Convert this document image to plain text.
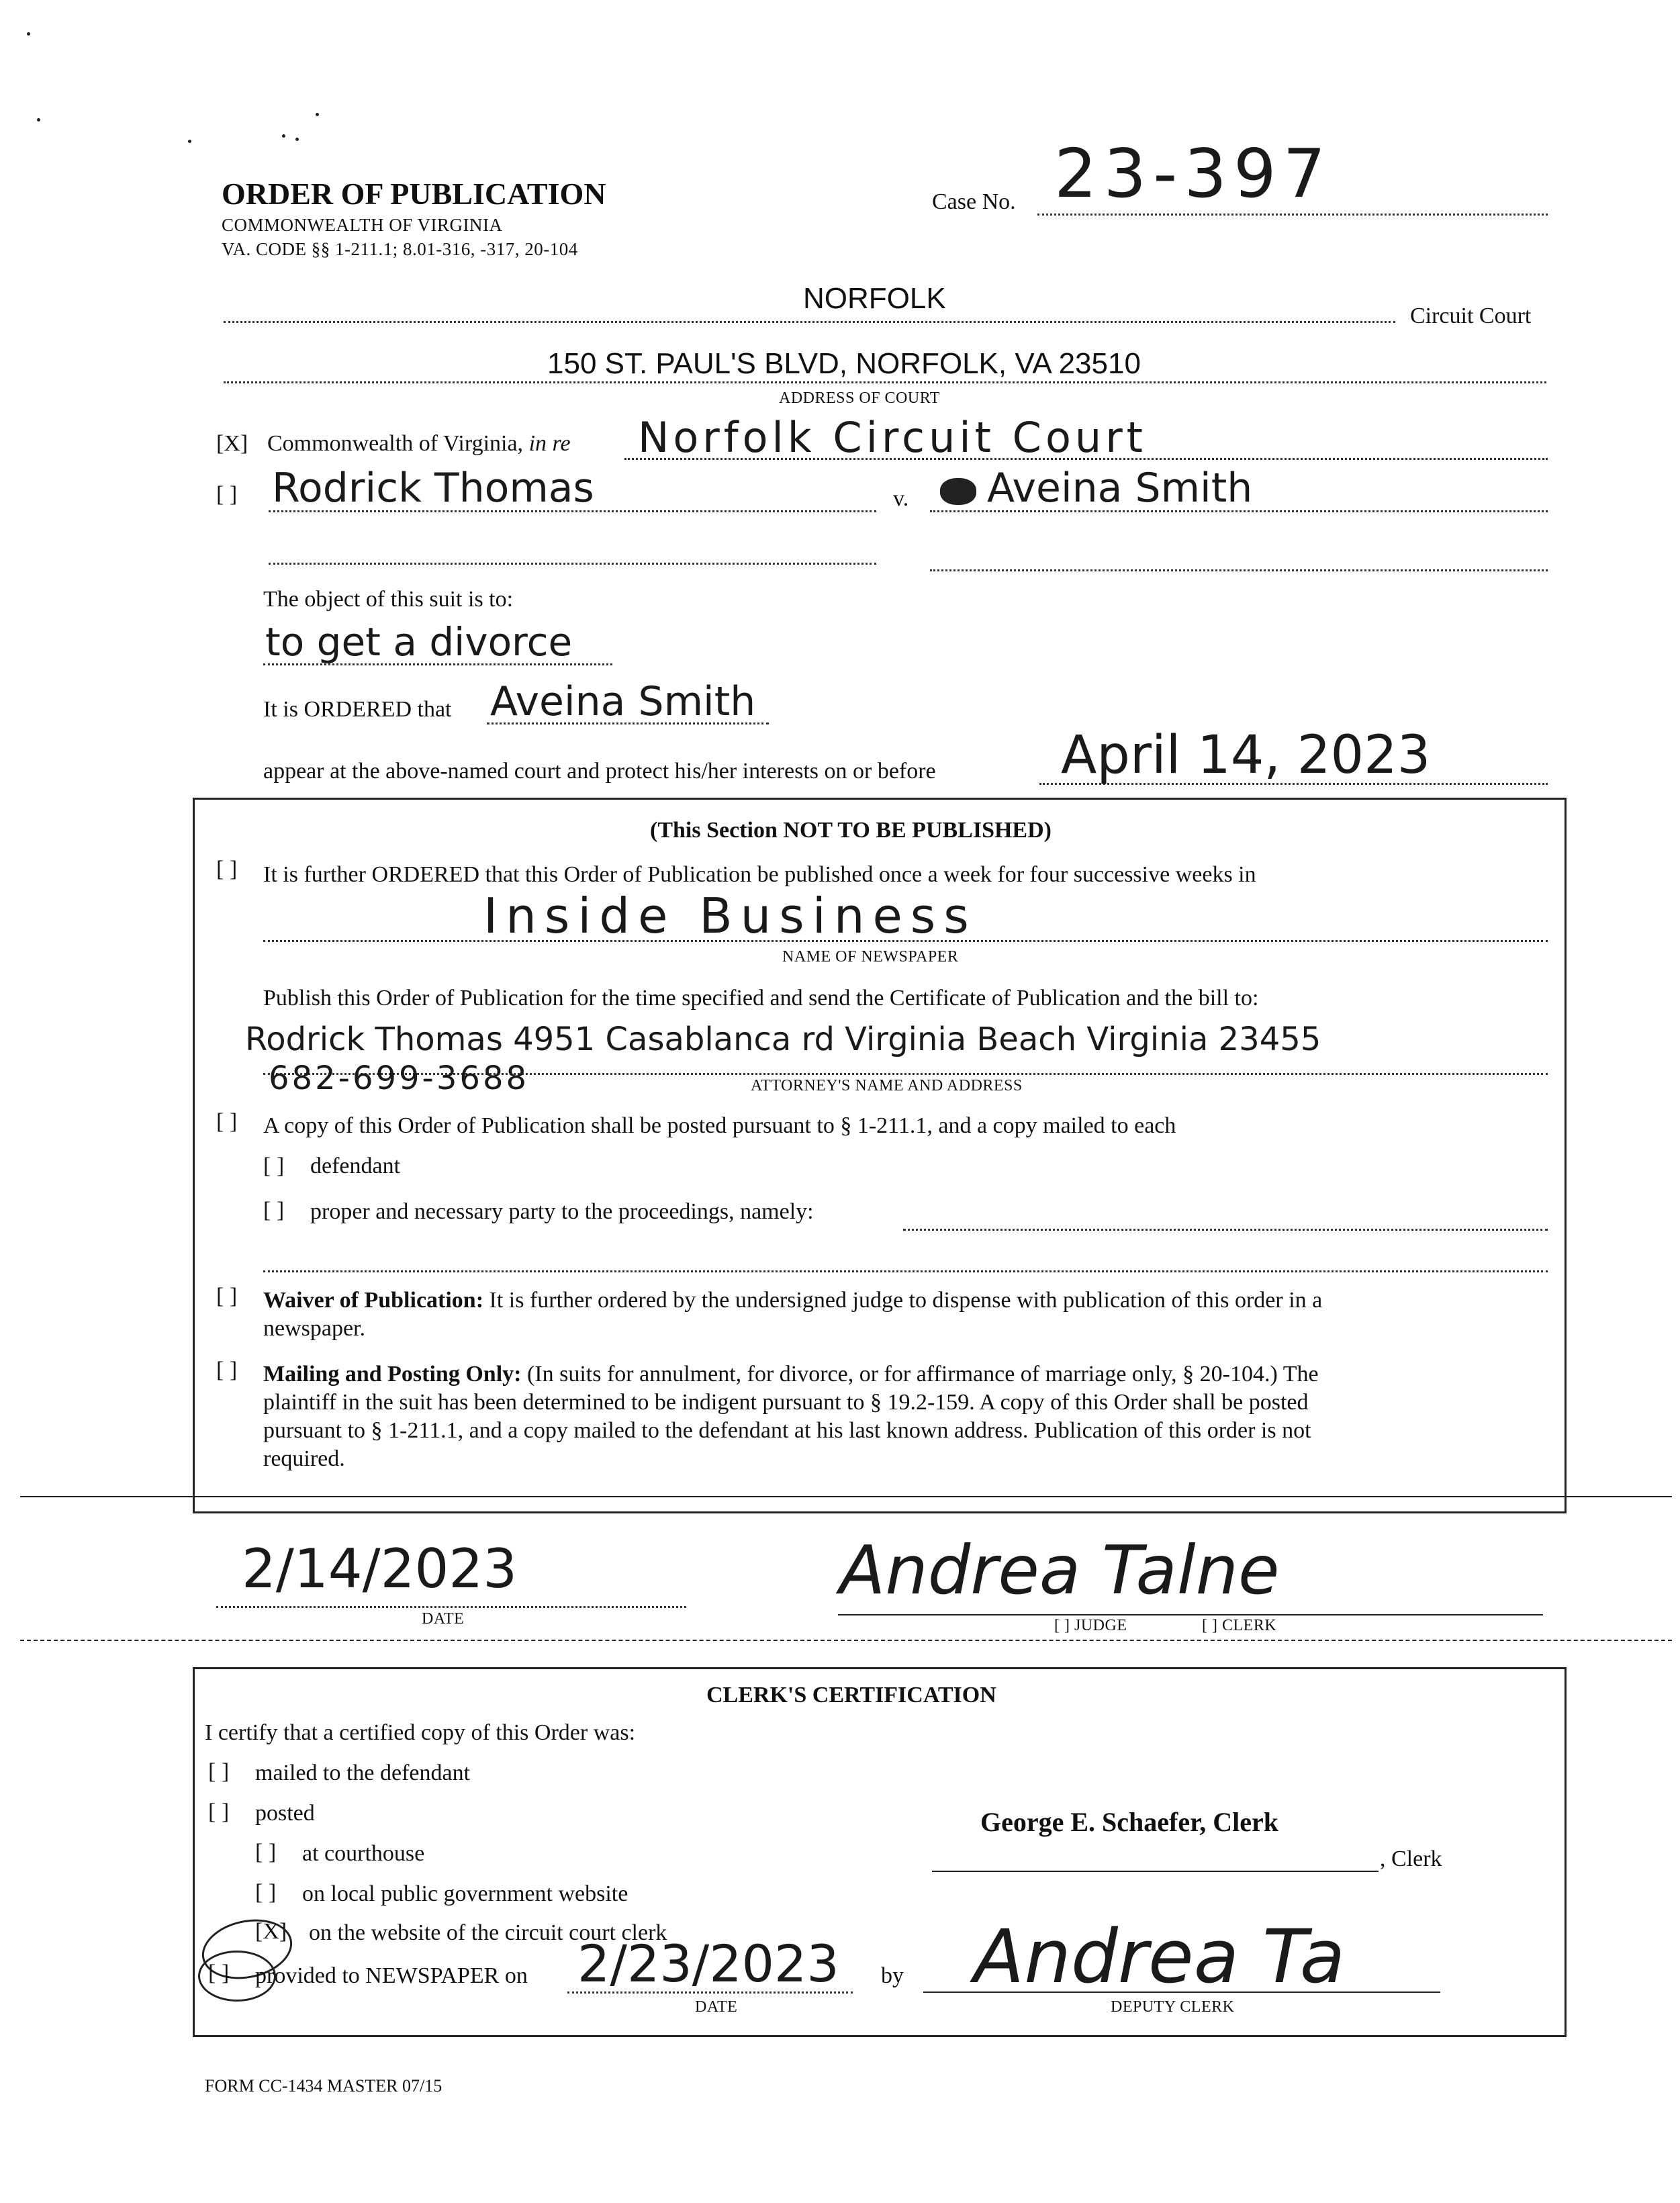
ORDER OF PUBLICATION
COMMONWEALTH OF VIRGINIA
VA. CODE §§ 1-211.1; 8.01-316, -317, 20-104
Case No. 23-397
NORFOLK
Circuit Court
150 ST. PAUL'S BLVD, NORFOLK, VA 23510
ADDRESS OF COURT
[X] Commonwealth of Virginia, in re Norfolk Circuit Court
[ ] Rodrick Thomas	v. Aveina Smith
The object of this suit is to:
to get a divorce
It is ORDERED that Aveina Smith
appear at the above-named court and protect his/her interests on or before April 14, 2023
(This Section NOT TO BE PUBLISHED)
[ ] It is further ORDERED that this Order of Publication be published once a week for four successive weeks in
Inside Business
NAME OF NEWSPAPER
Publish this Order of Publication for the time specified and send the Certificate of Publication and the bill to:
Rodrick Thomas 4951 Casablanca rd Virginia Beach Virginia 23455
682-699-3688	ATTORNEY'S NAME AND ADDRESS
[ ] A copy of this Order of Publication shall be posted pursuant to § 1-211.1, and a copy mailed to each
[ ] defendant
[ ] proper and necessary party to the proceedings, namely:
[ ] Waiver of Publication: It is further ordered by the undersigned judge to dispense with publication of this order in a
newspaper.
[ ] Mailing and Posting Only: (In suits for annulment, for divorce, or for affirmance of marriage only, § 20-104.) The
plaintiff in the suit has been determined to be indigent pursuant to § 19.2-159. A copy of this Order shall be posted
pursuant to § 1-211.1, and a copy mailed to the defendant at his last known address. Publication of this order is not
required.
2/14/2023
DATE
Andrea Talne
[ ] JUDGE	[ ] CLERK
CLERK'S CERTIFICATION
I certify that a certified copy of this Order was:
[ ] mailed to the defendant
[ ] posted
[ ] at courthouse
[ ] on local public government website
[X] on the website of the circuit court clerk
[ ] provided to NEWSPAPER on 2/23/2023
DATE
by
George E. Schaefer, Clerk
, Clerk
Andrea Ta
DEPUTY CLERK
FORM CC-1434 MASTER 07/15
